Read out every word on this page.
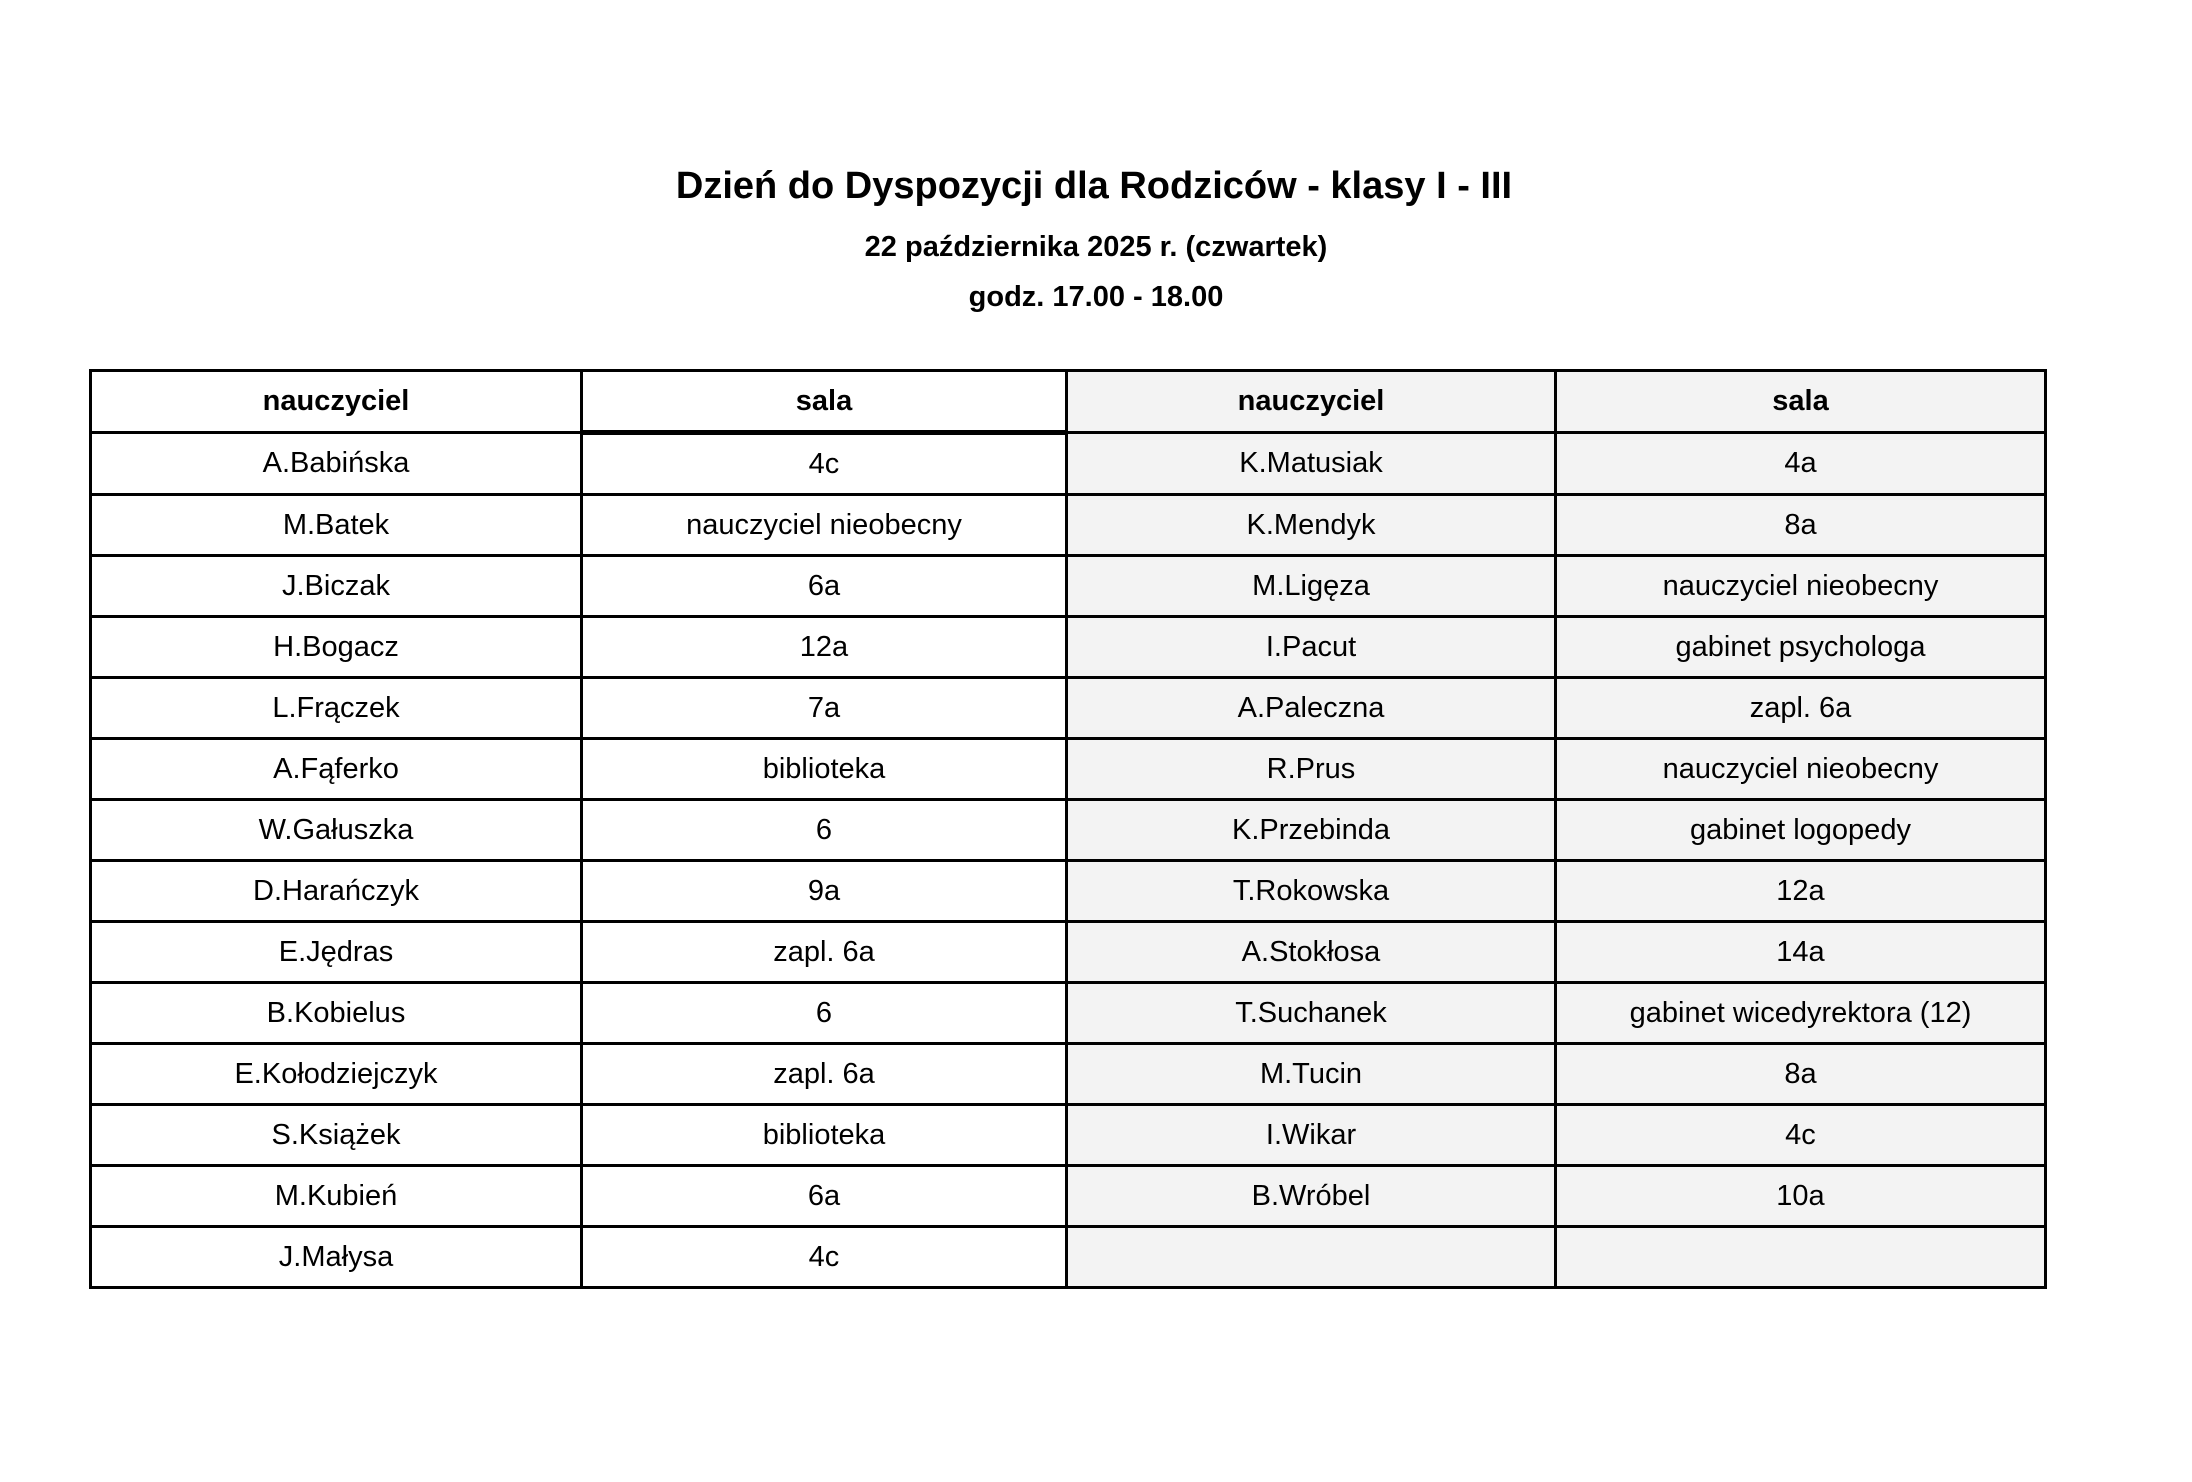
Dzień do Dyspozycji dla Rodziców - klasy I - III
22 października 2025 r. (czwartek)
godz. 17.00 - 18.00
nauczyciel	sala	nauczyciel	sala
A.Babińska	4c	K.Matusiak	4a
M.Batek	nauczyciel nieobecny	K.Mendyk	8a
J.Biczak	6a	M.Ligęza	nauczyciel nieobecny
H.Bogacz	12a	I.Pacut	gabinet psychologa
L.Frączek	7a	A.Paleczna	zapl. 6a
A.Fąferko	biblioteka	R.Prus	nauczyciel nieobecny
W.Gałuszka	6	K.Przebinda	gabinet logopedy
D.Harańczyk	9a	T.Rokowska	12a
E.Jędras	zapl. 6a	A.Stokłosa	14a
B.Kobielus	6	T.Suchanek	gabinet wicedyrektora (12)
E.Kołodziejczyk	zapl. 6a	M.Tucin	8a
S.Książek	biblioteka	I.Wikar	4c
M.Kubień	6a	B.Wróbel	10a
J.Małysa	4c		
